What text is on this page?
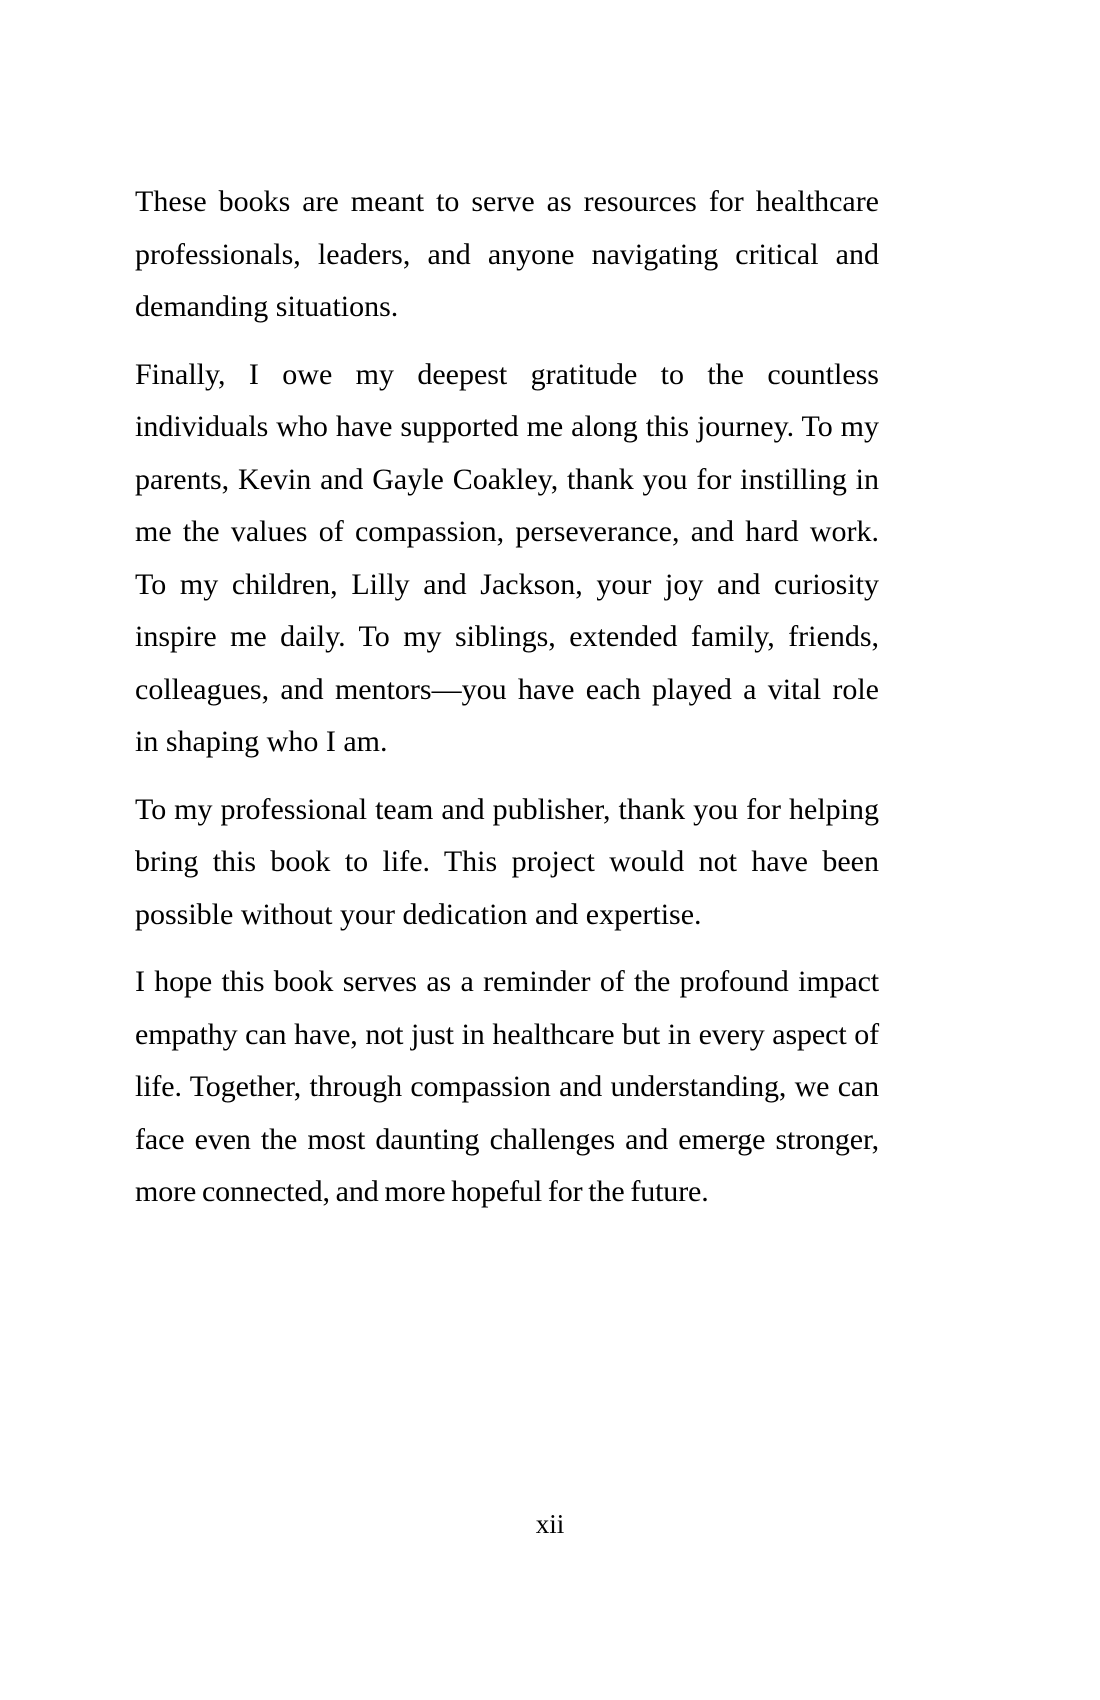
These books are meant to serve as resources for healthcare professionals, leaders, and anyone navigating critical and demanding situations.

Finally, I owe my deepest gratitude to the countless individuals who have supported me along this journey. To my parents, Kevin and Gayle Coakley, thank you for instilling in me the values of compassion, perseverance, and hard work. To my children, Lilly and Jackson, your joy and curiosity inspire me daily. To my siblings, extended family, friends, colleagues, and mentors—you have each played a vital role in shaping who I am.

To my professional team and publisher, thank you for helping bring this book to life. This project would not have been possible without your dedication and expertise.

I hope this book serves as a reminder of the profound impact empathy can have, not just in healthcare but in every aspect of life. Together, through compassion and understanding, we can face even the most daunting challenges and emerge stronger, more connected, and more hopeful for the future.

xii
